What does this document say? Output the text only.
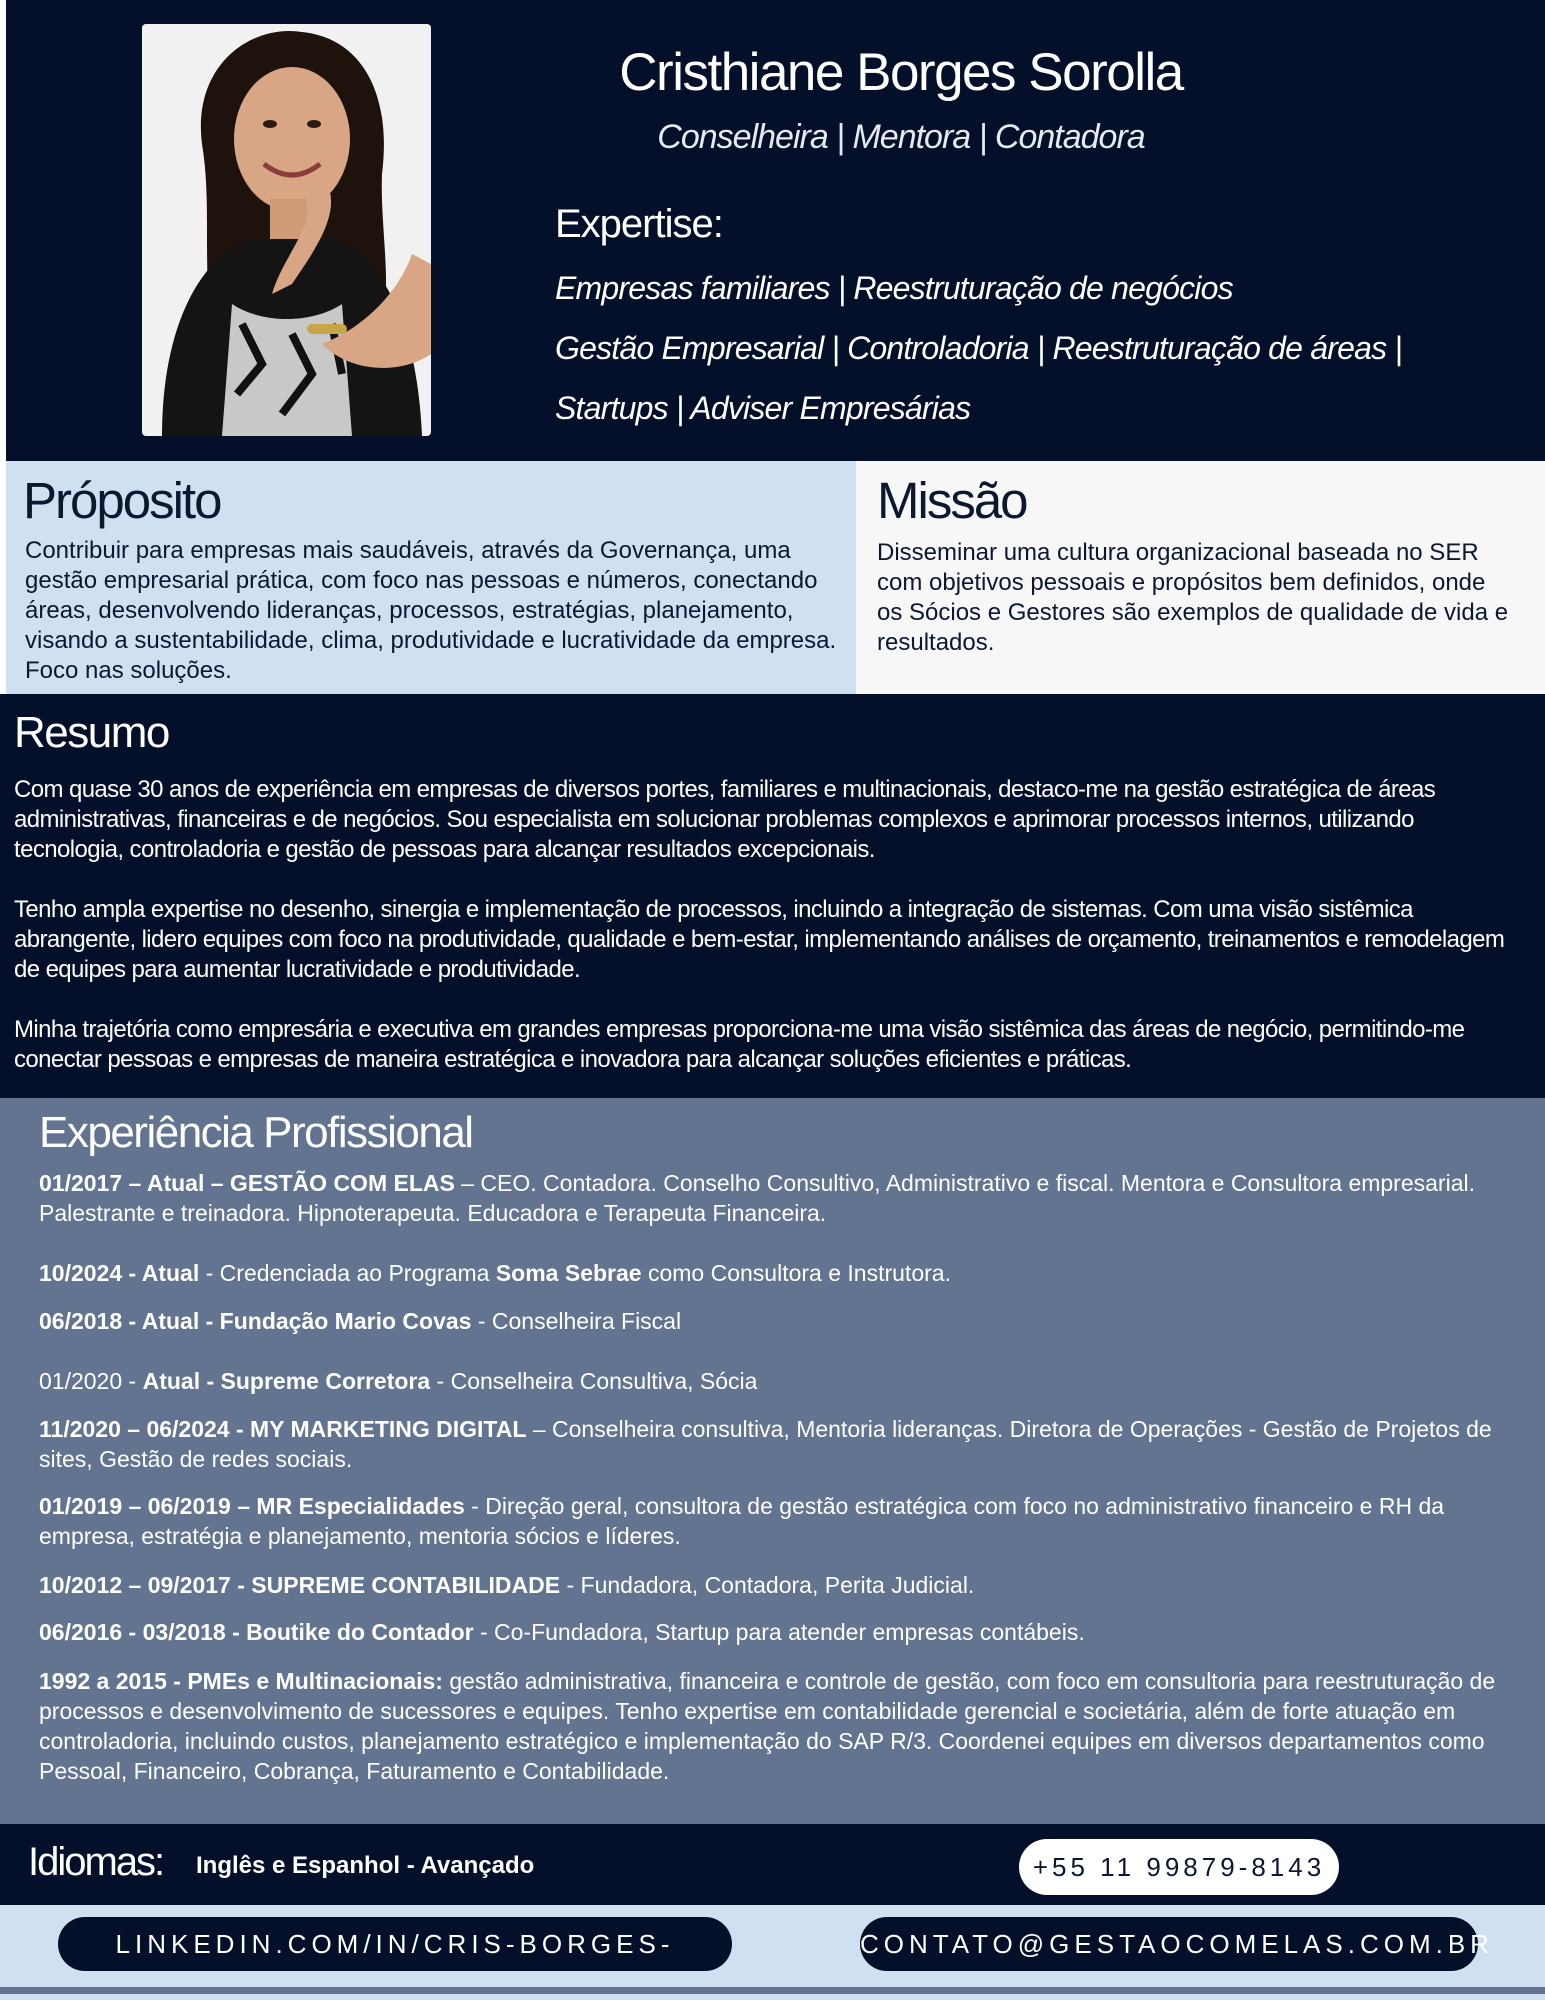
Cristhiane Borges Sorolla
Conselheira | Mentora | Contadora
Expertise:
Empresas familiares | Reestruturação de negócios
Gestão Empresarial | Controladoria | Reestruturação de áreas |
Startups | Adviser Empresárias
Próposito
Contribuir para empresas mais saudáveis, através da Governança, uma gestão empresarial prática, com foco nas pessoas e números, conectando áreas, desenvolvendo lideranças, processos, estratégias, planejamento, visando a sustentabilidade, clima, produtividade e lucratividade da empresa. Foco nas soluções.
Missão
Disseminar uma cultura organizacional baseada no SER com objetivos pessoais e propósitos bem definidos, onde os Sócios e Gestores são exemplos de qualidade de vida e resultados.
Resumo
Com quase 30 anos de experiência em empresas de diversos portes, familiares e multinacionais, destaco-me na gestão estratégica de áreas administrativas, financeiras e de negócios. Sou especialista em solucionar problemas complexos e aprimorar processos internos, utilizando tecnologia, controladoria e gestão de pessoas para alcançar resultados excepcionais.
Tenho ampla expertise no desenho, sinergia e implementação de processos, incluindo a integração de sistemas. Com uma visão sistêmica abrangente, lidero equipes com foco na produtividade, qualidade e bem-estar, implementando análises de orçamento, treinamentos e remodelagem de equipes para aumentar lucratividade e produtividade.
Minha trajetória como empresária e executiva em grandes empresas proporciona-me uma visão sistêmica das áreas de negócio, permitindo-me conectar pessoas e empresas de maneira estratégica e inovadora para alcançar soluções eficientes e práticas.
Experiência Profissional
01/2017 – Atual – GESTÃO COM ELAS – CEO. Contadora. Conselho Consultivo, Administrativo e fiscal. Mentora e Consultora empresarial. Palestrante e treinadora. Hipnoterapeuta. Educadora e Terapeuta Financeira.
10/2024 - Atual - Credenciada ao Programa Soma Sebrae como Consultora e Instrutora.
06/2018 - Atual - Fundação Mario Covas - Conselheira Fiscal
01/2020 - Atual - Supreme Corretora - Conselheira Consultiva, Sócia
11/2020 – 06/2024 - MY MARKETING DIGITAL – Conselheira consultiva, Mentoria lideranças. Diretora de Operações - Gestão de Projetos de sites, Gestão de redes sociais.
01/2019 – 06/2019 – MR Especialidades - Direção geral, consultora de gestão estratégica com foco no administrativo financeiro e RH da empresa, estratégia e planejamento, mentoria sócios e líderes.
10/2012 – 09/2017 - SUPREME CONTABILIDADE - Fundadora, Contadora, Perita Judicial.
06/2016 - 03/2018 - Boutike do Contador - Co-Fundadora, Startup para atender empresas contábeis.
1992 a 2015 - PMEs e Multinacionais: gestão administrativa, financeira e controle de gestão, com foco em consultoria para reestruturação de processos e desenvolvimento de sucessores e equipes. Tenho expertise em contabilidade gerencial e societária, além de forte atuação em controladoria, incluindo custos, planejamento estratégico e implementação do SAP R/3. Coordenei equipes em diversos departamentos como Pessoal, Financeiro, Cobrança, Faturamento e Contabilidade.
Idiomas: Inglês e Espanhol - Avançado	+55 11 99879-8143
LINKEDIN.COM/IN/CRIS-BORGES-	CONTATO@GESTAOCOMELAS.COM.BR
